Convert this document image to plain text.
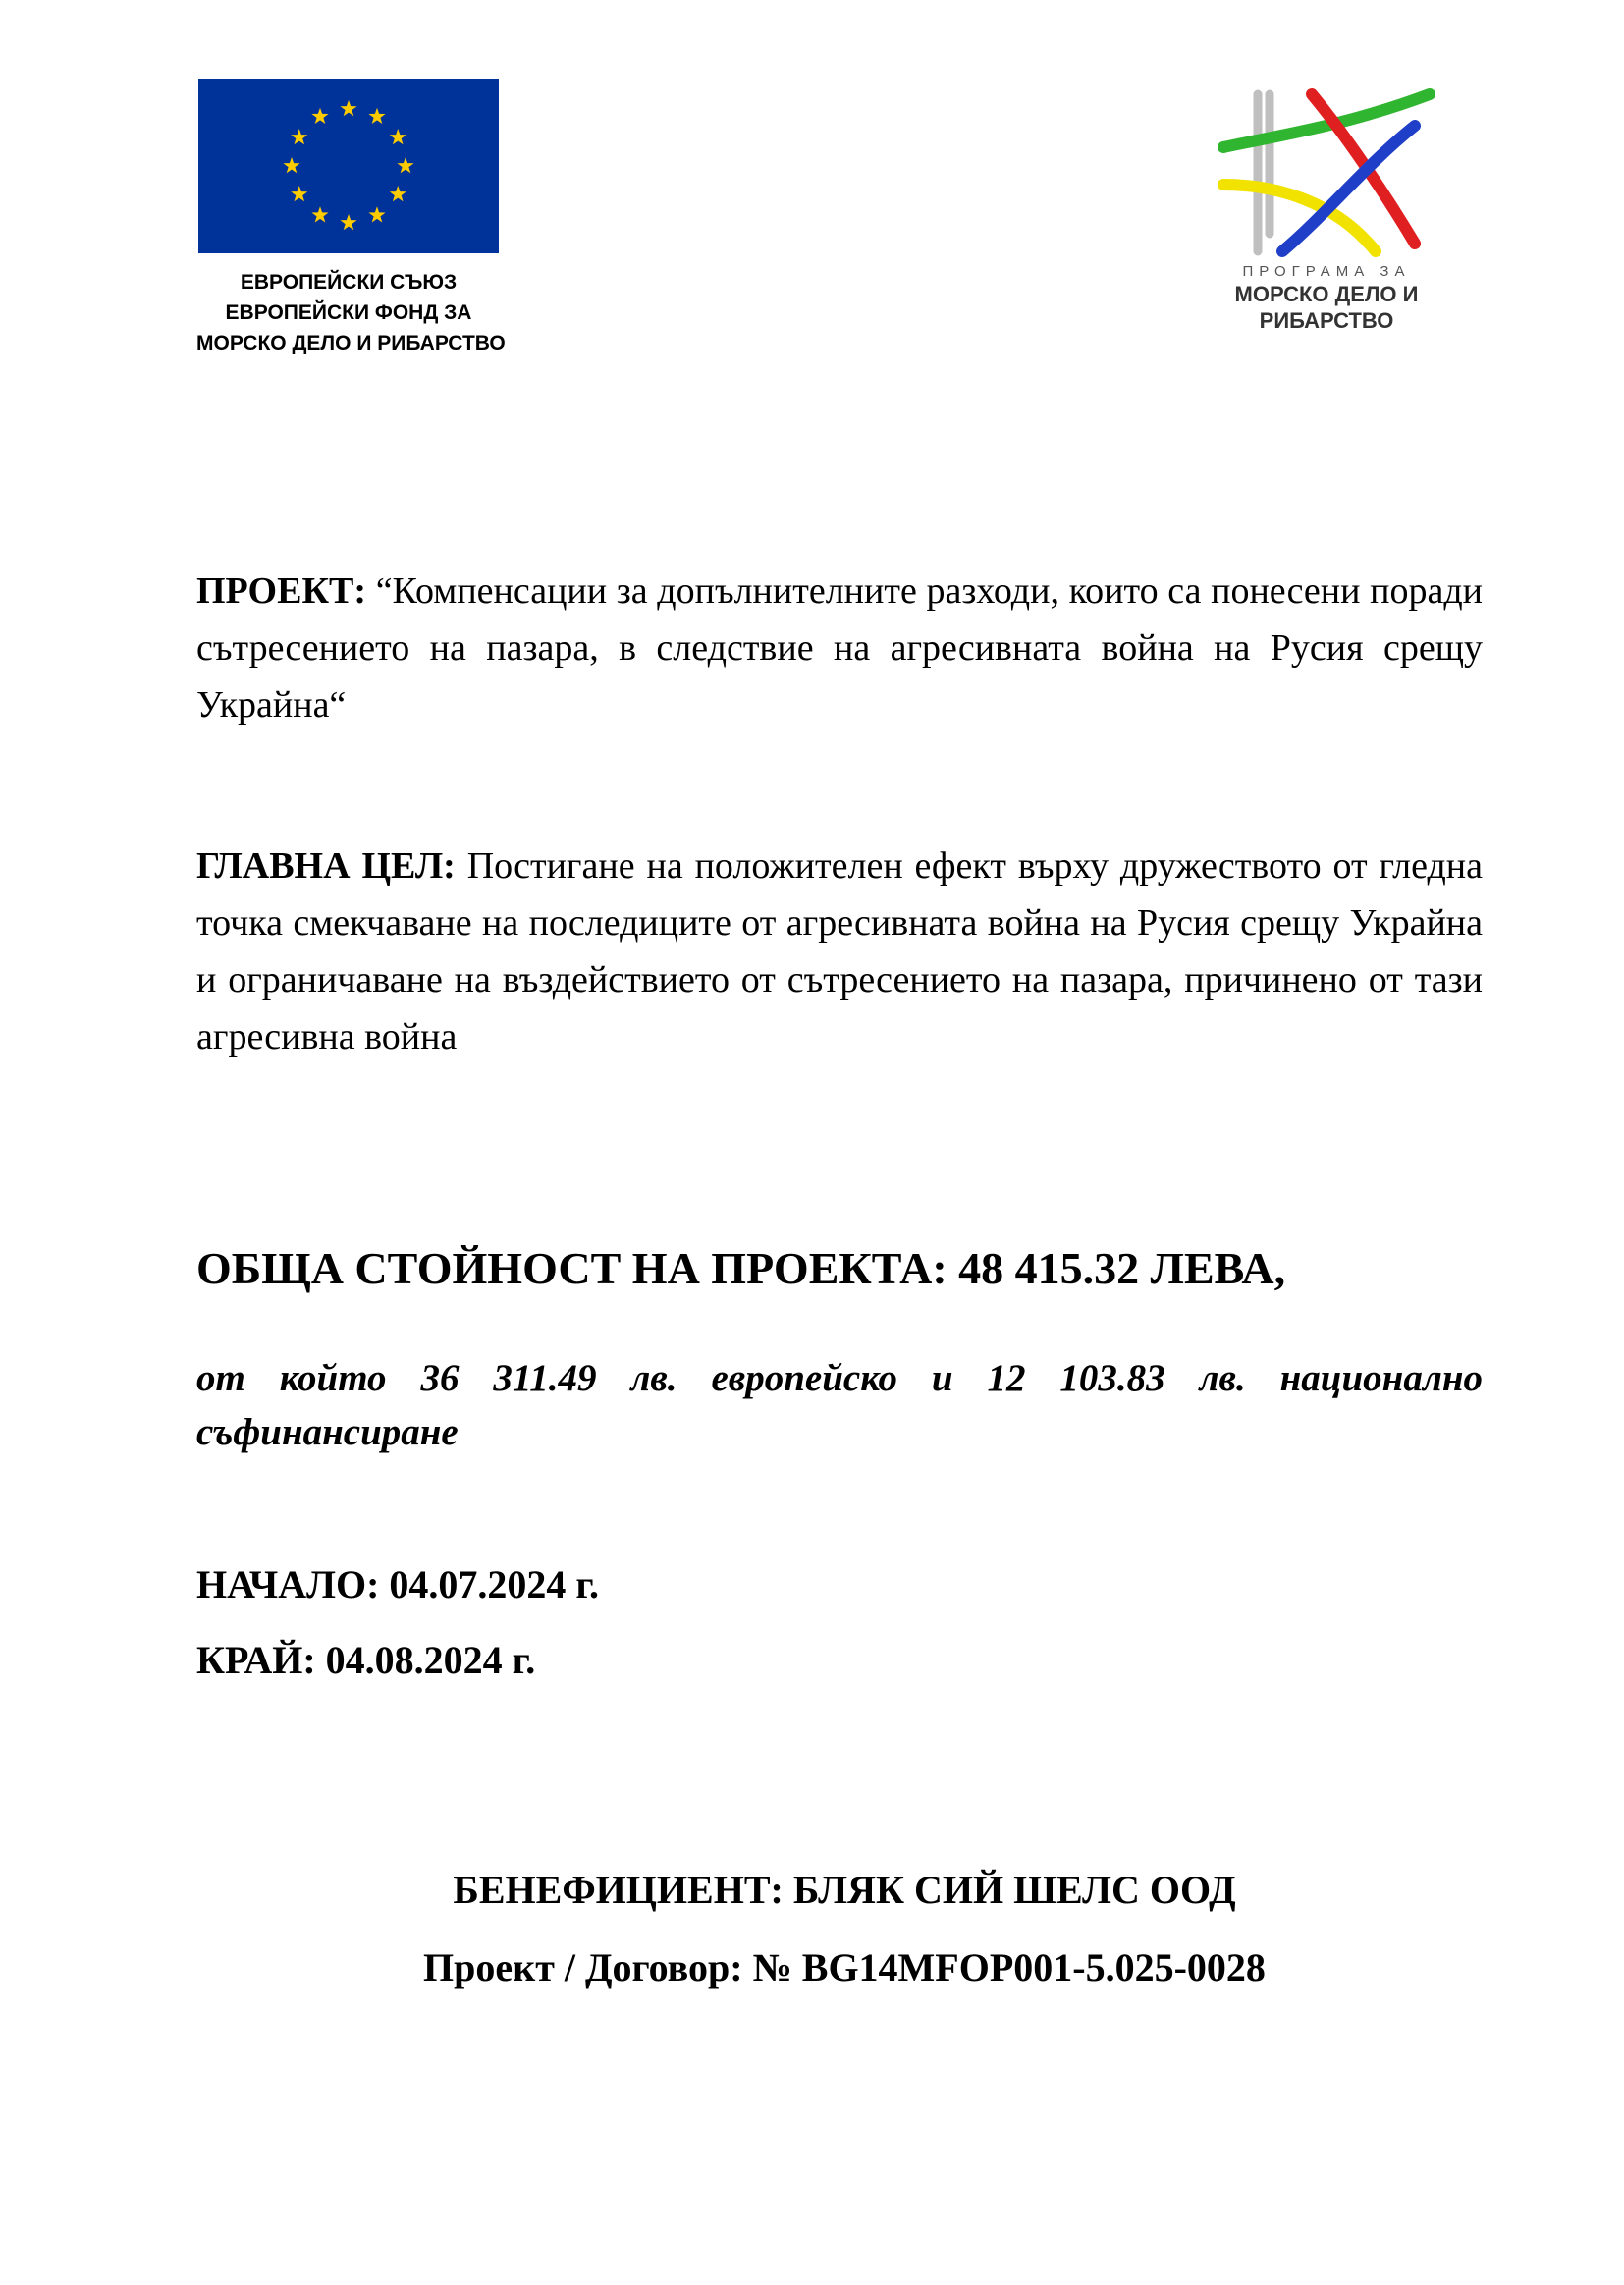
ЕВРОПЕЙСКИ СЪЮЗ
ЕВРОПЕЙСКИ ФОНД ЗА
МОРСКО ДЕЛО И РИБАРСТВО
ПРОГРАМА ЗА
МОРСКО ДЕЛО И
РИБАРСТВО
ПРОЕКТ: “Компенсации за допълнителните разходи, които са понесени поради сътресението на пазара, в следствие на агресивната война на Русия срещу Украйна“
ГЛАВНА ЦЕЛ: Постигане на положителен ефект върху дружеството от гледна точка смекчаване на последиците от агресивната война на Русия срещу Украйна и ограничаване на въздействието от сътресението на пазара, причинено от тази агресивна война
ОБЩА СТОЙНОСТ НА ПРОЕКТА: 48 415.32 ЛЕВА,
от който 36 311.49 лв. европейско и 12 103.83 лв. национално съфинансиране
НАЧАЛО: 04.07.2024 г.
КРАЙ: 04.08.2024 г.
БЕНЕФИЦИЕНТ: БЛЯК СИЙ ШЕЛС ООД
Проект / Договор: № BG14MFOP001-5.025-0028
